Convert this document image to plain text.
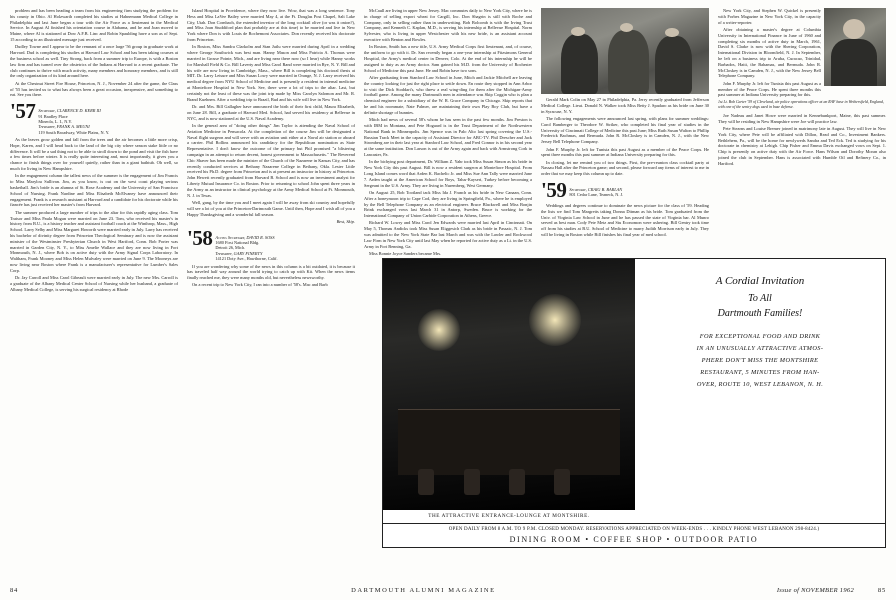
problem and has been heading a team from his engineering firm studying the problem for his county in Ohio. Al Holzwarth completed his studies at Hahnemann Medical College in Philadelphia and last June began a tour with the Air Force as a lieutenant in the Medical Service. In August Al finished his orientation course in Alabama, and he and Joan moved to Maine, where Al is stationed at Dow A.F.B. Linc and Robin Spaulding have a son as of Sept. 15 according to an illustrated message just received.

Dudley Towne and I appear to be the remnant of a once large '56 group in graduate work at Harvard. Dud is completing his studies at Harvard Law School and has been taking courses at the business school as well. Tiny Strong, back from a summer trip to Europe, is with a Boston law firm and has turned over the obstetrics of the Indians at Harvard to a recent graduate. The club continues to thrive with much activity, many members and honorary members, and is still the only organization of its kind around here.

At the Chestnut Street Fire House, Princeton, N. J., November 24 after the game, the Class of '55 has invited us to what has always been a great occasion, inexpensive, and something to eat. See you there.

'57 Secretary, CLARENCE D. KERR III
91 Bradley Place
Mineola, L. I., N.Y.
Treasurer, FRANK A. MEUNI
119 South Broadway, White Plains, N. Y.

As the leaves grow golden and fall from the trees and the air becomes a little more crisp, Hope, Karen, and I will head back to the land of the big city where season stake little or no difference. It will be a sad thing not to be able to stroll down to the pond and visit the fish have a few times before winter. It is really quite interesting and, most importantly, it gives you a chance to finish things over for yourself quietly, rather than in a giant bathtub. Oh well, so much for living in New Hampshire.

In the engagement column the tallest news of the summer is the engagement of Jim Francis to Miss Marylou Sullivan. Jim, as you know, is out on the west coast playing serious basketball. Jim's bride is an alumna of St. Rose Academy and the University of San Francisco School of Nursing. Frank Nardine and Miss Elisabeth McElvaney have announced their engagement. Frank is a research assistant at Harvard and a candidate for his doctorate while his fiancée has just received her master's from Harvard.

The summer produced a large number of trips to the altar for this rapidly aging class. Tom Traisor and Miss Paula Mogan were married on June 23. Tom, who received his master's in history from B.U., is a history teacher and assistant football coach at the Winthrop, Mass., High School. Larry Selby and Miss Margaret Howorth were married early in July. Larry has received his bachelor of divinity degree from Princeton Theological Seminary and is now the assistant minister of the Westminster Presbyterian Church in West Hartford, Conn. Bob Porter was married in Garden City, N. Y., to Miss Amelie Wallace and they are now living in Fort Monmouth, N. J., where Bob is on active duty with the Army Signal Corps Laboratory. In Waltham, Frank Mooney and Miss Helen Mulvaley were married on June 9. The Mooneys are now living near Boston where Frank is a manufacturer's representative for Lumber's Sales Corp.

Dr. Jay Carroll and Miss Carol Gibeault were married early in July. The new Mrs. Carroll is a graduate of the Albany Medical Center School of Nursing while her husband, a graduate of Albany Medical College, is serving his surgical residency at Rhode

Island Hospital in Providence, where they now live. Wow, that was a long sentence. Tony Hess and Miss LaVee Bailey were married May 4, at the Ft. Douglas Post Chapel, Salt Lake City, Utah. Don Cornbach, the extended investor of the long cocktail olive (or was it onion?), and Miss Joan Studdiford plan that probably are at this time) to be married and live in New York where Don is with Louis de Rochemont Associates. Don recently received his doctorate from Princeton.

In Boston, Miss Sandra Clarkolm and Stan Jutlu were married during April in a wedding where George Southwick was best man. Hanny Mason and Miss Patricia A. Thomas were married in Grosse Pointe, Mich., and are living near there now (so I hear) while Hanny works for Marshall Field & Co. Bill Laverty and Miss Carol Rand were married in Rye, N. Y. Bill and his wife are now living in Cambridge, Mass., where Bill is completing his doctoral thesis at MIT. Dr. Larry Leisure and Miss Susan Lowy were married in Orange, N. J. Larry received his medical degree from NYU School of Medicine and is presently a resident in internal medicine at Montefiore Hospital in New York. See, there were a lot of trips to the altar. Last, but certainly not the least of these was the joint trip made by Miss Carolyn Salomon and Mr. R. Brand Kuehnen. After a wedding trip to Brazil, Bud and his wife will live in New York.

Dr. and Mrs. Bill Gallagher have announced the birth of their first child, Maura Elizabeth, on June 28. Bill, a graduate of Harvard Med. School, had served his residency at Bellevue in NYC, and is now stationed at the U.S. Naval Academy.

In the general area of "doing other things" Jim Taylor is attending the Naval School of Aviation Medicine in Pensacola. At the completion of the course Jim will be designated a Naval flight surgeon and will serve with an aviation unit either at a Naval air station or aboard a carrier. Phil Rollins announced his candidacy for the Republican nomination as State Representative. I don't know the outcome of the primary but Phil promised "a blistering campaign in an attempt to return decent, honest government to Massachusetts." The Reverend Chic Shaver has been made the minister of the Church of the Nazarene in Kansas City, and has recently conducted services at Bethany Nazarene College in Bethany, Okla. Lester Little received his Ph.D. degree from Princeton and is at present an instructor in history at Princeton. John Hewett recently graduated from Harvard B. School and is now an investment analyst for Liberty Mutual Insurance Co. in Boston. Prior to returning to school John spent three years in the Army as an instructor in clinical psychology at the Army Medical School at Ft. Monmouth, N. J. in Texas.

Well, gang, by the time you and I meet again I will be away from ski country and hopefully will see a lot of you at the Princeton-Dartmouth Game. Until then, Hope and I wish all of you a Happy Thanksgiving and a wonderful fall season.

Best, Skip.

'58 Acting Secretary, DAVID R. SOSS
1680 First National Bldg.
Detroit 26, Mich.
Treasurer, GARY FINERTY
14121 Doty Ave., Hawthorne, Calif.

If you are wondering why some of the news in this column is a bit outdated, it is because it has traveled half way around the world trying to catch up with Kit. When the news items finally reached me, they were many months old, but nevertheless newsworthy.

On a recent trip to New York City, I ran into a number of '58's. Mac and Barb

McCaull are living in upper New Jersey. Mac commutes daily to New York City, where he is in charge of selling export wheat for Cargill, Inc. Don Shagrin is still with Roche and Company, only in selling rather than in underwriting. Bob Bolcomb is with the Irving Trust Company, and Kenneth C. Kaplan, M.D., is serving his internship at Bellevue Hospital. Norm Sylvester, who is living in upper Westchester with his new bride, is an assistant account executive with Benton and Bowles.

In Boston, Smith has a new title, U.S. Army Medical Corps first lieutenant, and, of course, the uniform to go with it. Dr. San recently began a one-year internship at Fitzsimons General Hospital, the Army's medical center in Denver, Colo. At the end of his internship he will be assigned to duty as an Army doctor. Sam gained his M.D. from the University of Rochester School of Medicine this past June. He and Robin have two sons.

After graduating from Stanford Law School in June, Mitch and Jackie Mitchell are leaving the country looking for just the right place to settle down. En route they stopped in Ann Arbor to visit the Dick Stoddart's, who threw a real wing-ding for them after the Michigan-Army football game. Among the many Dartmouth men in attendance was Skip Coggin who is plan a chemical engineer for a subsidiary of the W. R. Grace Company in Chicago. Skip reports that he and his roommate, Nate Palmer, are maintaining their own Play Boy Club, but have a definite shortage of bunnies.

Mitch had news of several 58's whom he has seen in the past few months. Jim Preston is with IBM in Montana, and Pete Hogaard is in the Trust Department of the Northwestern National Bank in Minneapolis. Jim Spence was in Palo Alto last spring covering the U.S.-Russian Track Meet in the capacity of Assistant Director for ABC-TV. Phil Drescher and Jack Stromberg are in their last year at Stanford Law School, and Fred Connor is in his second year at the same institution. Don Larson is out of the Army again and back with Armstrong Cork in Lancaster, Pa.

In the bichying post department, Dr. William Z. Yahr took Miss Susan Simon as his bride in New York City this past August. Bill is now a resident surgeon at Montefiore Hospital. From Long Island comes word that Arden K. Bachelic Jr. and Miss Sue Ann Tally were married June 7. Arden taught at the American School for Boys, Talus-Kayseri, Turkey before becoming a Sergeant in the U.S. Army. They are living in Nuremberg, West Germany.

On August 25, Bob Tootland tack Miss Ida J. Franch as his bride in New Canaan, Conn. After a honeymoon trip to Cape Cod, they are living in Springfield, Pa., where he is employed by the Bell Telephone Company as an electrical engineer. Bruce Blackwell and Miss Bonjin Brink exchanged vows last March 31 in Antorp, Sweden. Bruce is working for the International Company of Union Carbide Corporation in Athens, Greece.

Richard W. Lowry and Miss Carol Jen Edwards were married last April in Cincinnati. On May 5, Thomas Andicks took Miss Susan Eliggesich Clark as his bride in Passaic, N. J. Tom was admitted to the New York State Bar last March and was with the Lawler and Rockwood Law Firm in New York City until last May when he reported for active duty as a Lt. in the U.S. Army in Fort Benning, Ga.

Miss Bonnie Joyce Sanders became Mrs.

Gerald Mark Colin on May 27 in Philadelphia, Pa. Jerry recently graduated from Jefferson Medical College. Lieut. Donald N. Walker took Miss Betty J. Spadaro as his bride on June 30 in Syracuse, N. Y.

The following engagements were announced last spring, with plans for summer weddings: Carol Bamberger to Theodore W. Striker, who completed his final year of studies in the University of Cincinnati College of Medicine this past June; Miss Ruth Susan Walton to Phillip Frederick Bachmas, and Bermuda. John R. McCloskey is in Camden, N. J., with the New Jersey Bell Telephone Company.

John F. Murphy Jr. left for Tunisia this past August as a member of the Peace Corps. He spent three months this past summer at Indiana University preparing for this.

In closing, let me remind you of two things. First, the pre-reunion class cocktail party at Nassau Hall after the Princeton game; and second, please forward any items of interest to me in order that we may keep this column up to date.

'59 Secretary, CRAIG B. BARLAN
801 Cedar Lane, Teaneck, N. J.

Weddings and degrees continue to dominate the news picture for the class of '59. Heading the lists we find Tom Margretts taking Donna Ditman as his bride. Tom graduated from the Univ. of Virginia Law School in June and he has passed the state of Virginia bar. Al Munro served as best man. Cody Pete Metz and Stu Economon were ushering. Bill Gentry took time off from his studies at B.U. School of Medicine to marry Judith Morrison early in July. They will be living in Boston while Bill finishes his final year of med school.

New York City, and Stephen W. Quickel is presently with Forbes Magazine in New York City, in the capacity of a writer-reporter.

After obtaining a master's degree at Columbia University in International Finance in June of 1960 and completing six months of active duty in March, 1961, David S. Clarke is now with the Shering Corporation, International Division in Bloomfield, N. J. In September, he left on a business trip to Aruba, Curacao, Trinidad, Barbados, Haiti, the Bahamas, and Bermuda. John R. McCloskey is in Camden, N. J., with the New Jersey Bell Telephone Company.

John F. Murphy Jr. left for Tunisia this past August as a member of the Peace Corps. He spent three months this past summer at Indiana University preparing for this.

1st Lt. Bob Carter '59 of Cleveland, air police operations officer at an RAF base in Wethersfield, England, with one of the sentry dogs used in base defense.

Joe Nadeau and Janet Howe were married in Kennebunkport, Maine, this past summer. They will be residing in New Hampshire were Joe will practice law.

Pete Stearns and Louise Bremer joined in matrimony late in August. They will live in New York City, where Pete will be affiliated with Dillon, Read and Co., Investment Bankers. Bethlehem, Pa., will be the home for newlyweds Sandra and Ted Eck. Ted is studying for his doctorate in chemistry at Lehigh. Chip Fisher and Emma Davis exchanged vows on Sept. 1. Chip is presently on active duty with the Air Force. Hans Wilson and Dorothy Moran also joined the club in September. Hans is associated with Humble Oil and Refinery Co., in Hartford.

THE ATTRACTIVE ENTRANCE-LOUNGE AT MONTSHIRE.
A Cordial Invitation
To All
Dartmouth Families!
FOR EXCEPTIONAL FOOD AND DRINK
IN AN UNUSUALLY ATTRACTIVE ATMOS-
PHERE DON'T MISS THE MONTSHIRE
RESTAURANT, 5 MINUTES FROM HAN-
OVER, ROUTE 10, WEST LEBANON, N. H.
OPEN DAILY FROM 8 A.M. TO 9 P.M. CLOSED MONDAY. RESERVATIONS APPRECIATED ON WEEK-ENDS . . . KINDLY PHONE WEST LEBANON 298-8424.)
DINING ROOM • COFFEE SHOP • OUTDOOR PATIO
84	DARTMOUTH ALUMNI MAGAZINE	Issue of NOVEMBER 1962	85
